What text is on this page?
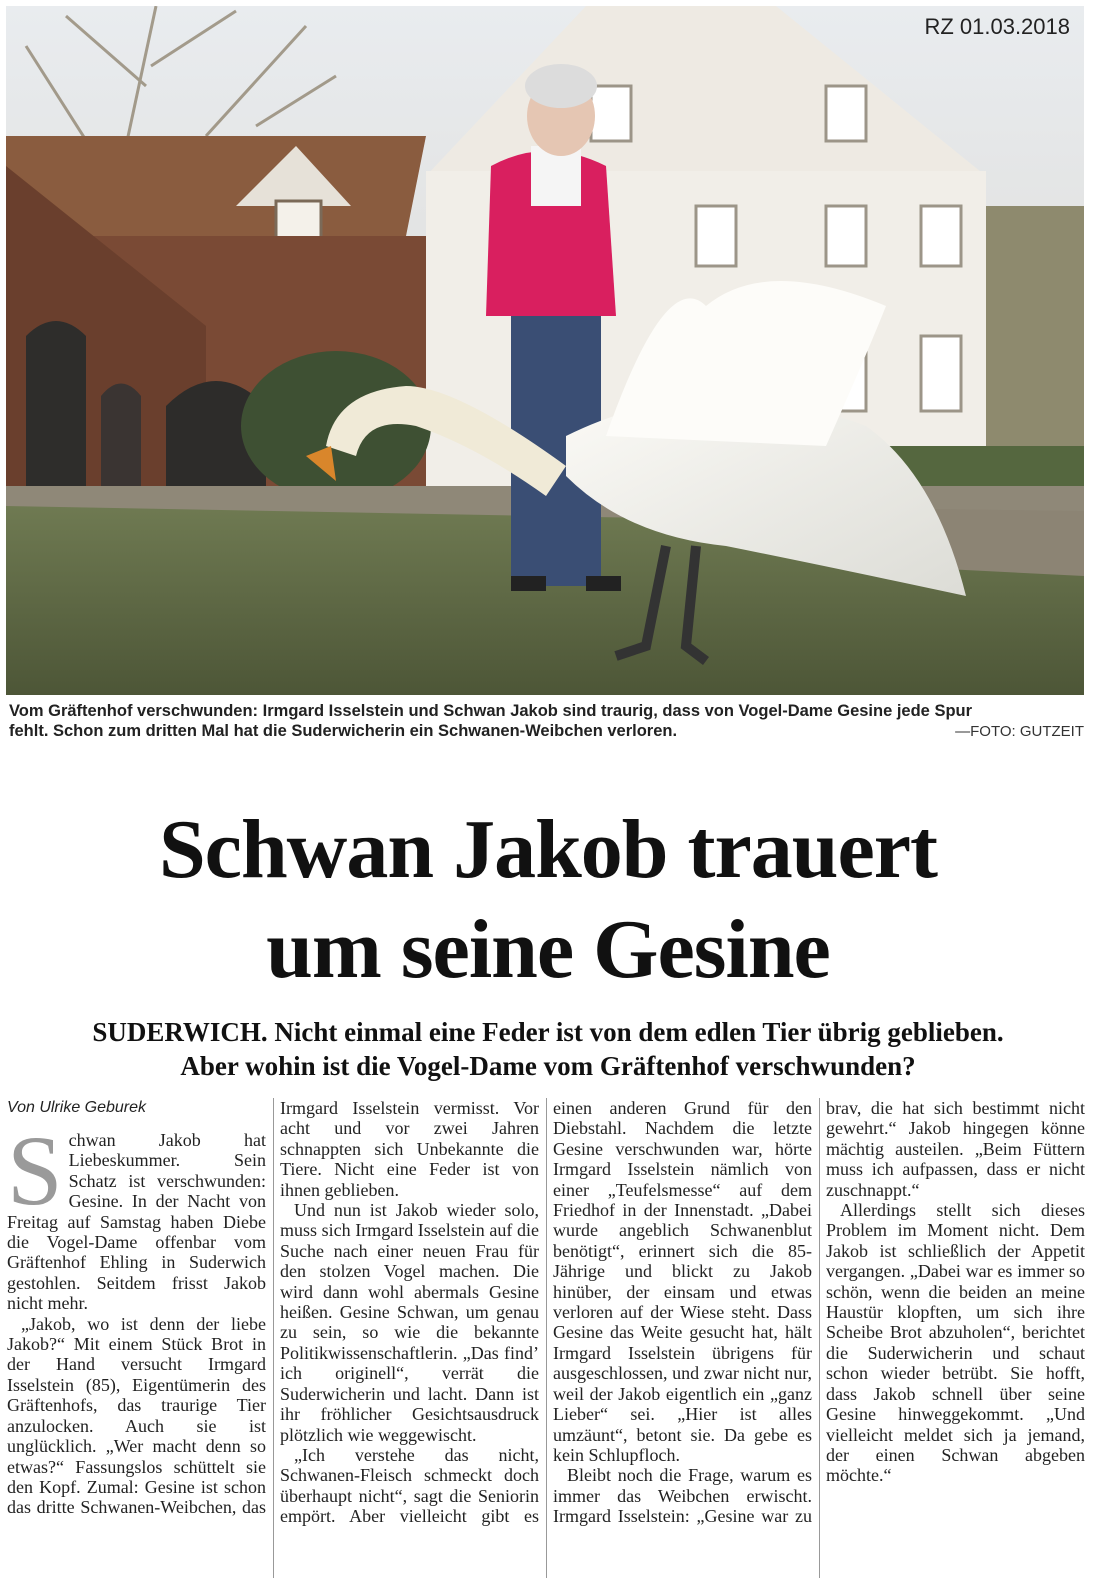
RZ 01.03.2018

Vom Gräftenhof verschwunden: Irmgard Isselstein und Schwan Jakob sind traurig, dass von Vogel-Dame Gesine jede Spur

fehlt. Schon zum dritten Mal hat die Suderwicherin ein Schwanen-Weibchen verloren.	—FOTO: GUTZEIT
Schwan Jakob trauert
um seine Gesine
SUDERWICH. Nicht einmal eine Feder ist von dem edlen Tier übrig geblieben.
Aber wohin ist die Vogel-Dame vom Gräftenhof verschwunden?
Von Ulrike Geburek

Schwan Jakob hat Liebeskummer. Sein Schatz ist verschwunden: Gesine. In der Nacht von Freitag auf Samstag haben Diebe die Vogel-Dame offenbar vom Gräftenhof Ehling in Suderwich gestohlen. Seitdem frisst Jakob nicht mehr.

„Jakob, wo ist denn der liebe Jakob?“ Mit einem Stück Brot in der Hand versucht Irmgard Isselstein (85), Eigentümerin des Gräftenhofs, das traurige Tier anzulocken. Auch sie ist unglücklich. „Wer macht denn so etwas?“ Fassungslos schüttelt sie den Kopf. Zumal: Gesine ist schon das dritte Schwanen-Weibchen, das Irmgard Isselstein vermisst. Vor acht und vor zwei Jahren schnappten sich Unbekannte die Tiere. Nicht eine Feder ist von ihnen geblieben.

Und nun ist Jakob wieder solo, muss sich Irmgard Isselstein auf die Suche nach einer neuen Frau für den stolzen Vogel machen. Die wird dann wohl abermals Gesine heißen. Gesine Schwan, um genau zu sein, so wie die bekannte Politikwissenschaftlerin. „Das find’ ich originell“, verrät die Suderwicherin und lacht. Dann ist ihr fröhlicher Gesichtsausdruck plötzlich wie weggewischt.

„Ich verstehe das nicht, Schwanen-Fleisch schmeckt doch überhaupt nicht“, sagt die Seniorin empört. Aber vielleicht gibt es einen anderen Grund für den Diebstahl. Nachdem die letzte Gesine verschwunden war, hörte Irmgard Isselstein nämlich von einer „Teufelsmesse“ auf dem Friedhof in der Innenstadt. „Dabei wurde angeblich Schwanenblut benötigt“, erinnert sich die 85-Jährige und blickt zu Jakob hinüber, der einsam und etwas verloren auf der Wiese steht. Dass Gesine das Weite gesucht hat, hält Irmgard Isselstein übrigens für ausgeschlossen, und zwar nicht nur, weil der Jakob eigentlich ein „ganz Lieber“ sei. „Hier ist alles umzäunt“, betont sie. Da gebe es kein Schlupfloch.

Bleibt noch die Frage, warum es immer das Weibchen erwischt. Irmgard Isselstein: „Gesine war zu brav, die hat sich bestimmt nicht gewehrt.“ Jakob hingegen könne mächtig austeilen. „Beim Füttern muss ich aufpassen, dass er nicht zuschnappt.“

Allerdings stellt sich dieses Problem im Moment nicht. Dem Jakob ist schließlich der Appetit vergangen. „Dabei war es immer so schön, wenn die beiden an meine Haustür klopften, um sich ihre Scheibe Brot abzuholen“, berichtet die Suderwicherin und schaut schon wieder betrübt. Sie hofft, dass Jakob schnell über seine Gesine hinweggekommt. „Und vielleicht meldet sich ja jemand, der einen Schwan abgeben möchte.“
